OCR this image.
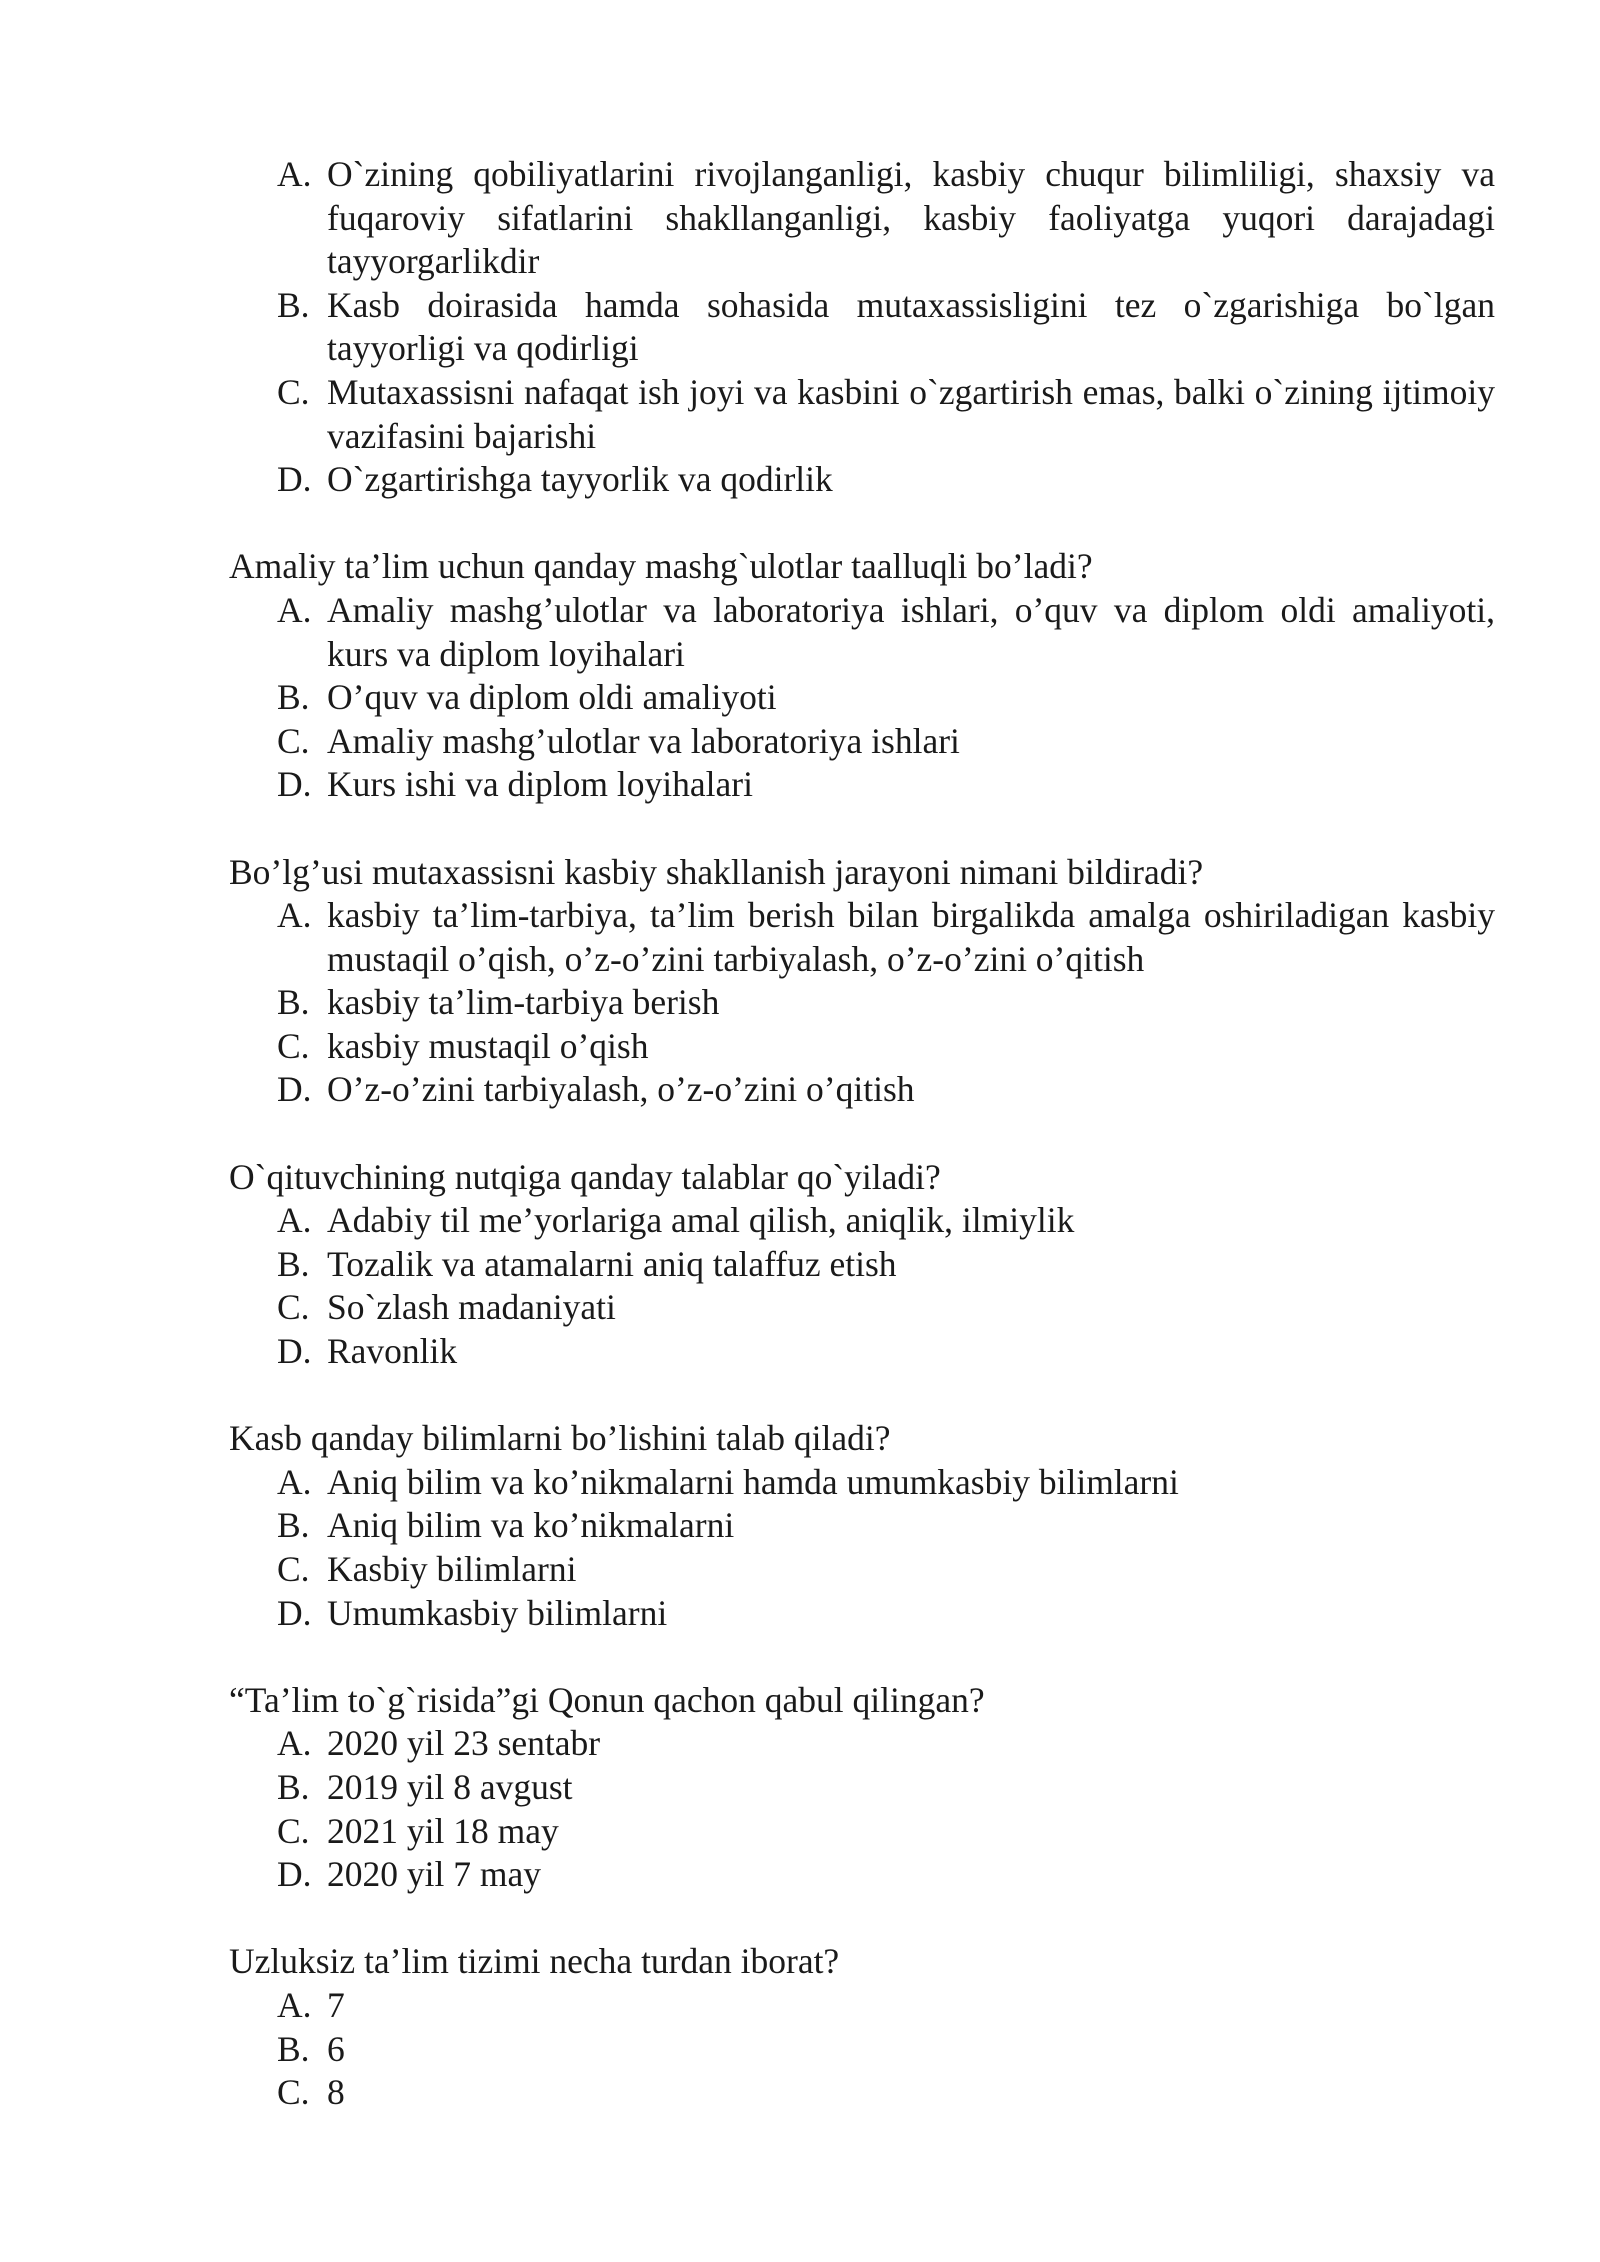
A. O`zining qobiliyatlarini rivojlanganligi, kasbiy chuqur bilimliligi, shaxsiy va fuqaroviy sifatlarini shakllanganligi, kasbiy faoliyatga yuqori darajadagi tayyorgarlikdir
B. Kasb doirasida hamda sohasida mutaxassisligini tez o`zgarishiga bo`lgan tayyorligi va qodirligi
C. Mutaxassisni nafaqat ish joyi va kasbini o`zgartirish emas, balki o`zining ijtimoiy vazifasini bajarishi
D. O`zgartirishga tayyorlik va qodirlik
Amaliy ta’lim uchun qanday mashg`ulotlar taalluqli bo’ladi?
A. Amaliy mashg’ulotlar va laboratoriya ishlari, o’quv va diplom oldi amaliyoti, kurs va diplom loyihalari
B. O’quv va diplom oldi amaliyoti
C. Amaliy mashg’ulotlar va laboratoriya ishlari
D. Kurs ishi va diplom loyihalari
Bo’lg’usi mutaxassisni kasbiy shakllanish jarayoni nimani bildiradi?
A. kasbiy ta’lim-tarbiya, ta’lim berish bilan birgalikda amalga oshiriladigan kasbiy mustaqil o’qish, o’z-o’zini tarbiyalash, o’z-o’zini o’qitish
B. kasbiy ta’lim-tarbiya berish
C. kasbiy mustaqil o’qish
D. O’z-o’zini tarbiyalash, o’z-o’zini o’qitish
O`qituvchining nutqiga qanday talablar qo`yiladi?
A. Adabiy til me’yorlariga amal qilish, aniqlik, ilmiylik
B. Tozalik va atamalarni aniq talaffuz etish
C. So`zlash madaniyati
D. Ravonlik
Kasb qanday bilimlarni bo’lishini talab qiladi?
A. Aniq bilim va ko’nikmalarni hamda umumkasbiy bilimlarni
B. Aniq bilim va ko’nikmalarni
C. Kasbiy bilimlarni
D. Umumkasbiy bilimlarni
“Ta’lim to`g`risida”gi Qonun qachon qabul qilingan?
A. 2020 yil 23 sentabr
B. 2019 yil 8 avgust
C. 2021 yil 18 may
D. 2020 yil 7 may
Uzluksiz ta’lim tizimi necha turdan iborat?
A. 7
B. 6
C. 8
